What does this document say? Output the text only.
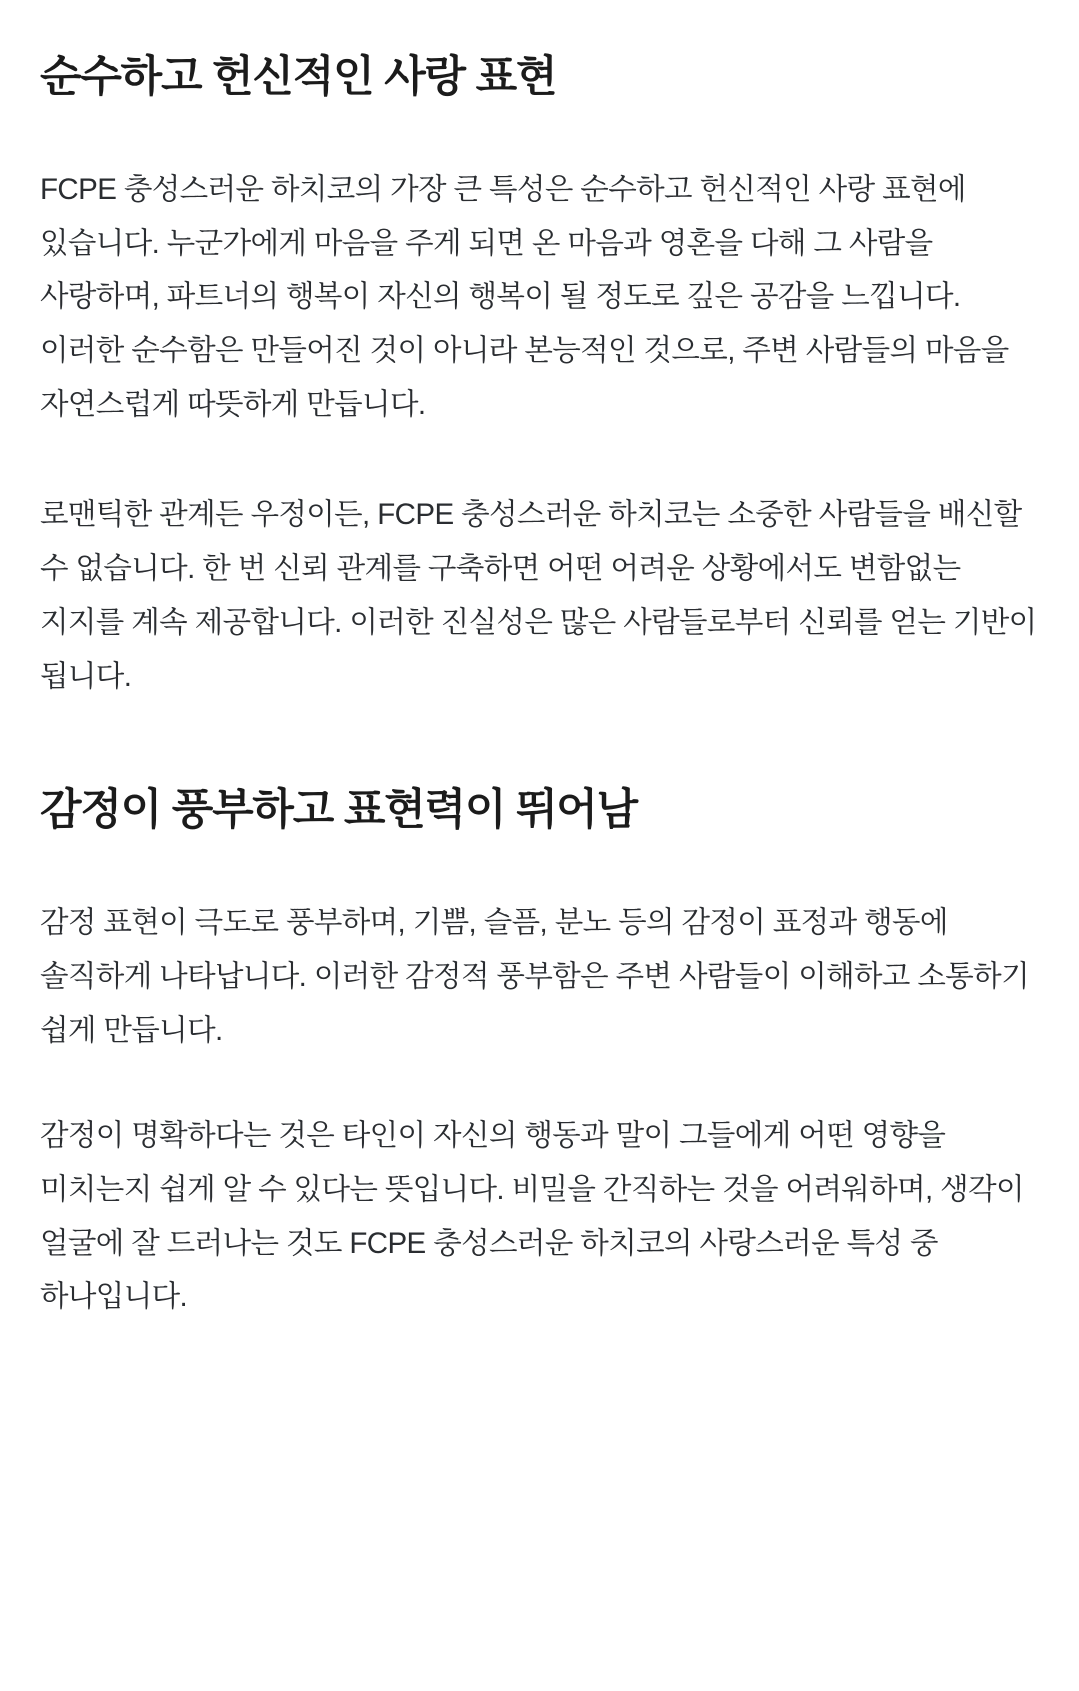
순수하고 헌신적인 사랑 표현

FCPE 충성스러운 하치코의 가장 큰 특성은 순수하고 헌신적인 사랑 표현에 있습니다. 누군가에게 마음을 주게 되면 온 마음과 영혼을 다해 그 사람을 사랑하며, 파트너의 행복이 자신의 행복이 될 정도로 깊은 공감을 느낍니다. 이러한 순수함은 만들어진 것이 아니라 본능적인 것으로, 주변 사람들의 마음을 자연스럽게 따뜻하게 만듭니다.

로맨틱한 관계든 우정이든, FCPE 충성스러운 하치코는 소중한 사람들을 배신할 수 없습니다. 한 번 신뢰 관계를 구축하면 어떤 어려운 상황에서도 변함없는 지지를 계속 제공합니다. 이러한 진실성은 많은 사람들로부터 신뢰를 얻는 기반이 됩니다.

감정이 풍부하고 표현력이 뛰어남

감정 표현이 극도로 풍부하며, 기쁨, 슬픔, 분노 등의 감정이 표정과 행동에 솔직하게 나타납니다. 이러한 감정적 풍부함은 주변 사람들이 이해하고 소통하기 쉽게 만듭니다.

감정이 명확하다는 것은 타인이 자신의 행동과 말이 그들에게 어떤 영향을 미치는지 쉽게 알 수 있다는 뜻입니다. 비밀을 간직하는 것을 어려워하며, 생각이 얼굴에 잘 드러나는 것도 FCPE 충성스러운 하치코의 사랑스러운 특성 중 하나입니다.
